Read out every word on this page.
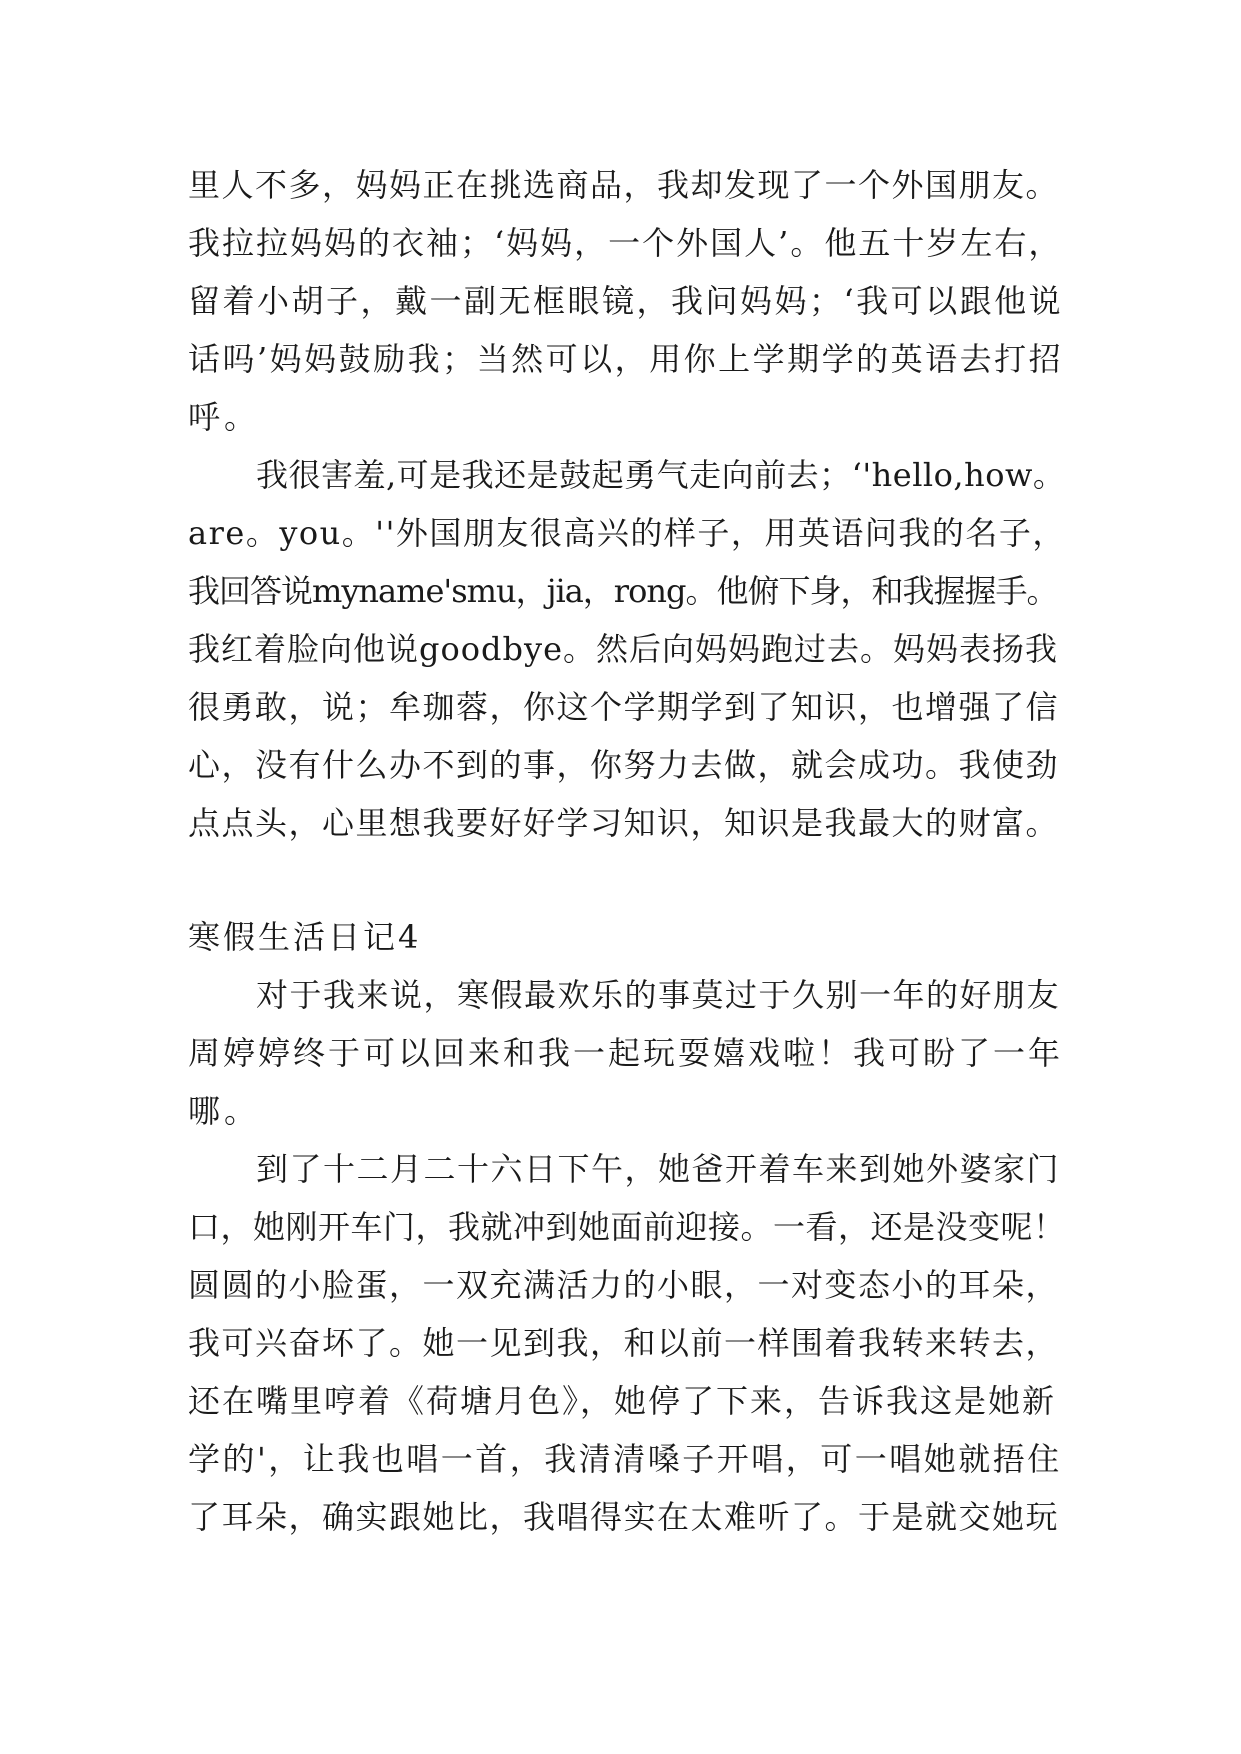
里人不多，妈妈正在挑选商品，我却发现了一个外国朋友。
我拉拉妈妈的衣袖；‘妈妈，一个外国人’。他五十岁左右，
留着小胡子，戴一副无框眼镜，我问妈妈；‘我可以跟他说
话吗’妈妈鼓励我；当然可以，用你上学期学的英语去打招
呼。
我很害羞,可是我还是鼓起勇气走向前去；‘'hello,how。
are。you。''外国朋友很高兴的样子，用英语问我的名子，
我回答说myname'smu，jia，rong。他俯下身，和我握握手。
我红着脸向他说goodbye。然后向妈妈跑过去。妈妈表扬我
很勇敢，说；牟珈蓉，你这个学期学到了知识，也增强了信
心，没有什么办不到的事，你努力去做，就会成功。我使劲
点点头，心里想我要好好学习知识，知识是我最大的财富。
寒假生活日记4
对于我来说，寒假最欢乐的事莫过于久别一年的好朋友
周婷婷终于可以回来和我一起玩耍嬉戏啦！我可盼了一年
哪。
到了十二月二十六日下午，她爸开着车来到她外婆家门
口，她刚开车门，我就冲到她面前迎接。一看，还是没变呢！
圆圆的小脸蛋，一双充满活力的小眼，一对变态小的耳朵，
我可兴奋坏了。她一见到我，和以前一样围着我转来转去，
还在嘴里哼着《荷塘月色》，她停了下来，告诉我这是她新
学的'，让我也唱一首，我清清嗓子开唱，可一唱她就捂住
了耳朵，确实跟她比，我唱得实在太难听了。于是就交她玩
